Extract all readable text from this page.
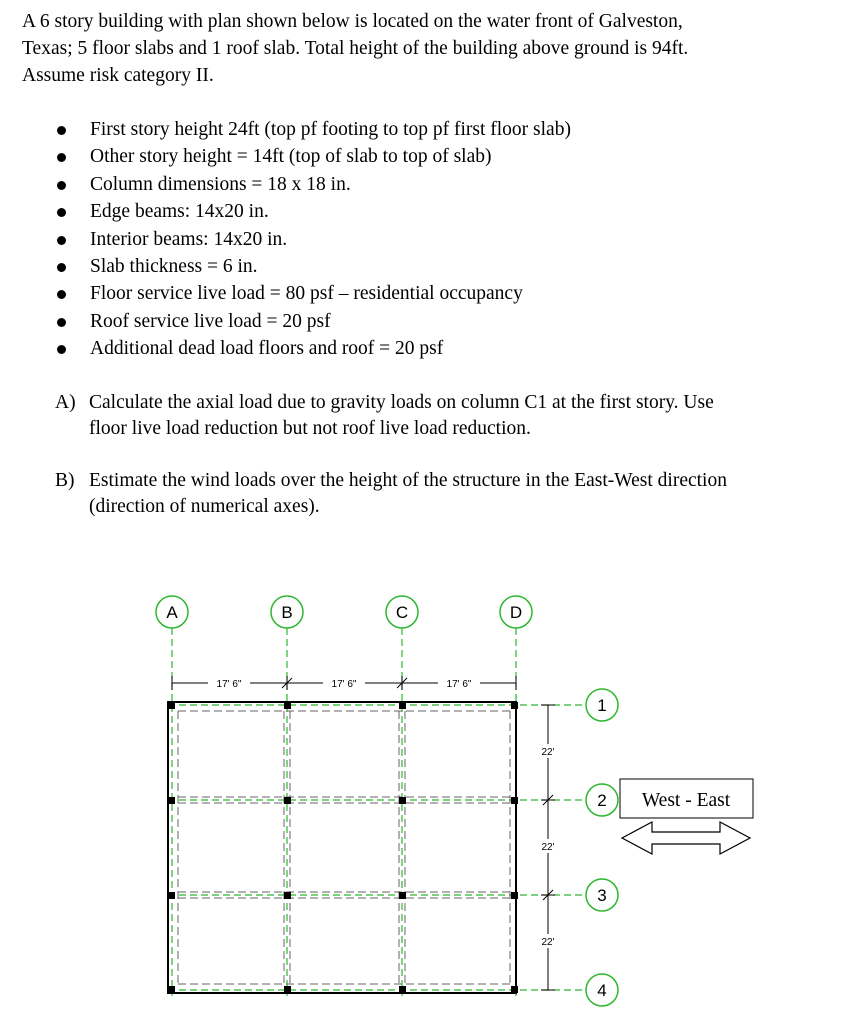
A 6 story building with plan shown below is located on the water front of Galveston,

Texas; 5 floor slabs and 1 roof slab. Total height of the building above ground is 94ft.

Assume risk category II.

First story height 24ft (top pf footing to top pf first floor slab)
Other story height = 14ft (top of slab to top of slab)
Column dimensions = 18 x 18 in.
Edge beams: 14x20 in.
Interior beams: 14x20 in.
Slab thickness = 6 in.
Floor service live load = 80 psf – residential occupancy
Roof service live load = 20 psf
Additional dead load floors and roof = 20 psf
A) Calculate the axial load due to gravity loads on column C1 at the first story. Use
floor live load reduction but not roof live load reduction.
B) Estimate the wind loads over the height of the structure in the East-West direction
(direction of numerical axes).
17' 6"	17' 6"	17' 6"
22'
22'
22'
A	B	C	D
1
2
3
4
West - East
